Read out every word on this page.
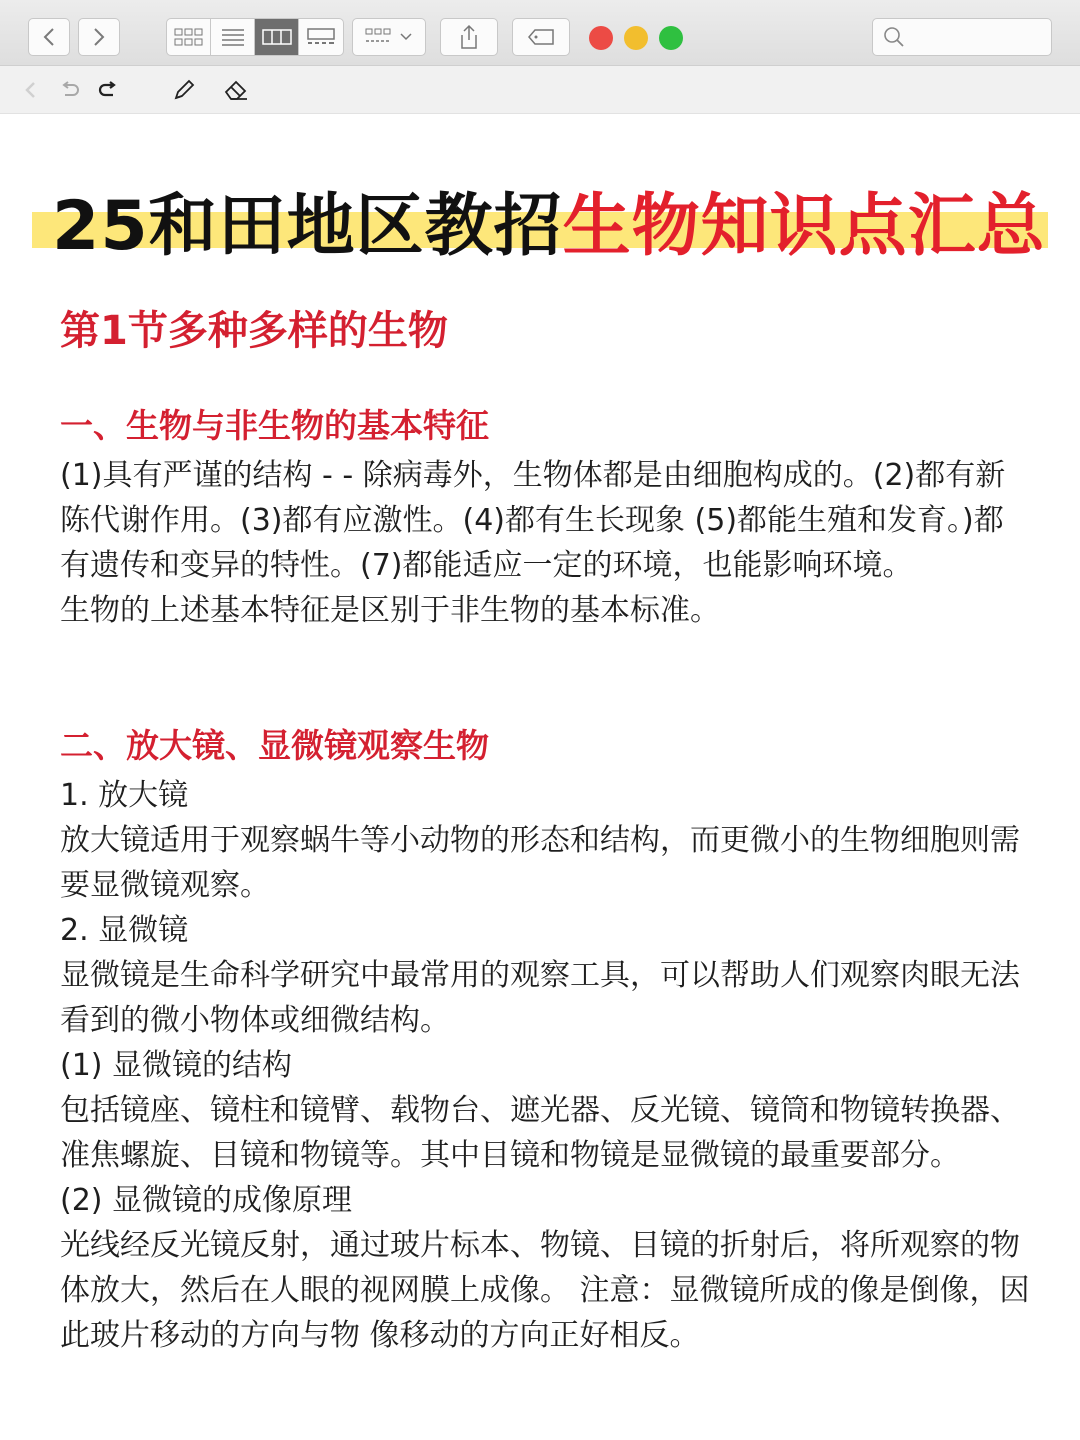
25和田地区教招生物知识点汇总
第1节多种多样的生物
一、生物与非生物的基本特征
(1)具有严谨的结构 - - 除病毒外，生物体都是由细胞构成的。(2)都有新陈代谢作用。(3)都有应激性。(4)都有生长现象 (5)都能生殖和发育。)都有遗传和变异的特性。(7)都能适应一定的环境，也能影响环境。
生物的上述基本特征是区别于非生物的基本标准。
二、放大镜、显微镜观察生物
1. 放大镜
放大镜适用于观察蜗牛等小动物的形态和结构，而更微小的生物细胞则需要显微镜观察。
2. 显微镜
显微镜是生命科学研究中最常用的观察工具，可以帮助人们观察肉眼无法看到的微小物体或细微结构。
(1) 显微镜的结构
包括镜座、镜柱和镜臂、载物台、遮光器、反光镜、镜筒和物镜转换器、准焦螺旋、目镜和物镜等。其中目镜和物镜是显微镜的最重要部分。
(2) 显微镜的成像原理
光线经反光镜反射，通过玻片标本、物镜、目镜的折射后，将所观察的物体放大，然后在人眼的视网膜上成像。 注意：显微镜所成的像是倒像，因此玻片移动的方向与物 像移动的方向正好相反。
